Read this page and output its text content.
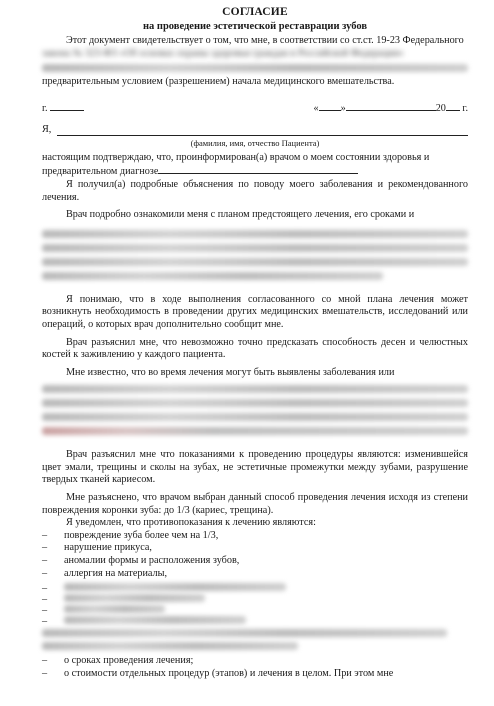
СОГЛАСИЕ
на проведение эстетической реставрации зубов

Этот документ свидетельствует о том, что мне, в соответствии со ст.ст. 19-23 Федерального

закона № 323-ФЗ «Об основах охраны здоровья граждан в Российской Федерации»

предварительным условием (разрешением) начала медицинского вмешательства.

г.	« »	20 г.
Я,
(фамилия, имя, отчество Пациента)

настоящим подтверждаю, что, проинформирован(а) врачом о моем состоянии здоровья и

предварительном диагнозе

Я получил(а) подробные объяснения по поводу моего заболевания и рекомендованного лечения.

Врач подробно ознакомили меня с планом предстоящего лечения, его сроками и

Я понимаю, что в ходе выполнения согласованного со мной плана лечения может возникнуть необходимость в проведении других медицинских вмешательств, исследований или операций, о которых врач дополнительно сообщит мне.

Врач разъяснил мне, что невозможно точно предсказать способность десен и челюстных костей к заживлению у каждого пациента.

Мне известно, что во время лечения могут быть выявлены заболевания или

Врач разъяснил мне что показаниями к проведению процедуры являются: изменившейся цвет эмали, трещины и сколы на зубах, не эстетичные промежутки между зубами, разрушение твердых тканей кариесом.

Мне разъяснено, что врачом выбран данный способ проведения лечения исходя из степени повреждения коронки зуба: до 1/3 (кариес, трещина).

Я уведомлен, что противопоказания к лечению являются:

– повреждение зуба более чем на 1/3,
– нарушение прикуса,
– аномалии формы и расположения зубов,
– аллергия на материалы,
–
–
–
–
– о сроках проведения лечения;
– о стоимости отдельных процедур (этапов) и лечения в целом. При этом мне
